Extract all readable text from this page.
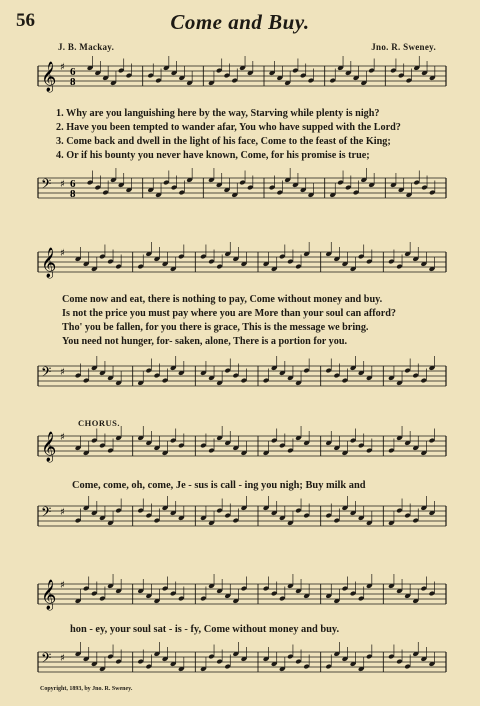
56	Come and Buy.
J. B. Mackay.	Jno. R. Sweney.
𝄞 ♯ 6
8
1. Why are you languishing here by the way, Starving while plenty is nigh?
2. Have you been tempted to wander afar, You who have supped with the Lord?
3. Come back and dwell in the light of his face, Come to the feast of the King;
4. Or if his bounty you never have known, Come, for his promise is true;
𝄢 ♯ 6
8
𝄞 ♯
Come now and eat, there is nothing to pay, Come without money and buy.
Is not the price you must pay where you are More than your soul can afford?
Tho' you be fallen, for you there is grace, This is the message we bring.
You need not hunger, for- saken, alone, There is a portion for you.
𝄢 ♯
CHORUS.
𝄞 ♯
Come, come, oh, come, Je - sus is call - ing you nigh; Buy milk and
𝄢 ♯
𝄞 ♯
hon - ey, your soul sat - is - fy, Come without money and buy.
𝄢 ♯
Copyright, 1893, by Jno. R. Sweney.
